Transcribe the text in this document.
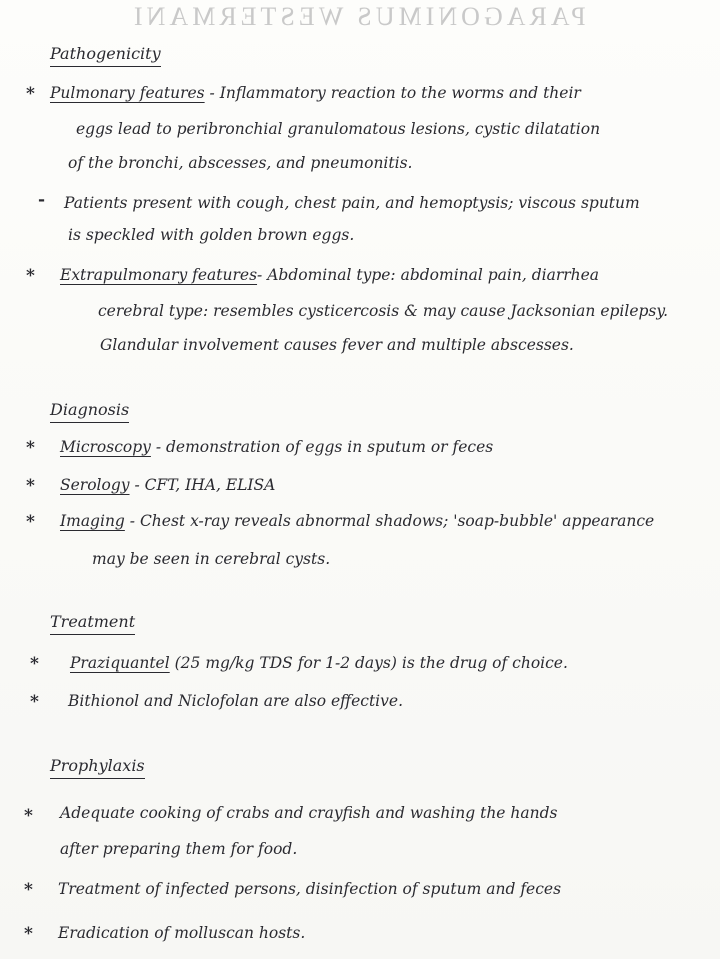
PARAGONIMUS WESTERMANI
Pathogenicity
* Pulmonary features - Inflammatory reaction to the worms and their
eggs lead to peribronchial granulomatous lesions, cystic dilatation
of the bronchi, abscesses, and pneumonitis.
- Patients present with cough, chest pain, and hemoptysis; viscous sputum
is speckled with golden brown eggs.
* Extrapulmonary features- Abdominal type: abdominal pain, diarrhea
cerebral type: resembles cysticercosis & may cause Jacksonian epilepsy.
Glandular involvement causes fever and multiple abscesses.
Diagnosis
* Microscopy - demonstration of eggs in sputum or feces
* Serology - CFT, IHA, ELISA
* Imaging - Chest x-ray reveals abnormal shadows; 'soap-bubble' appearance
may be seen in cerebral cysts.
Treatment
* Praziquantel (25 mg/kg TDS for 1-2 days) is the drug of choice.
* Bithionol and Niclofolan are also effective.
Prophylaxis
* Adequate cooking of crabs and crayfish and washing the hands
after preparing them for food.
* Treatment of infected persons, disinfection of sputum and feces
* Eradication of molluscan hosts.
